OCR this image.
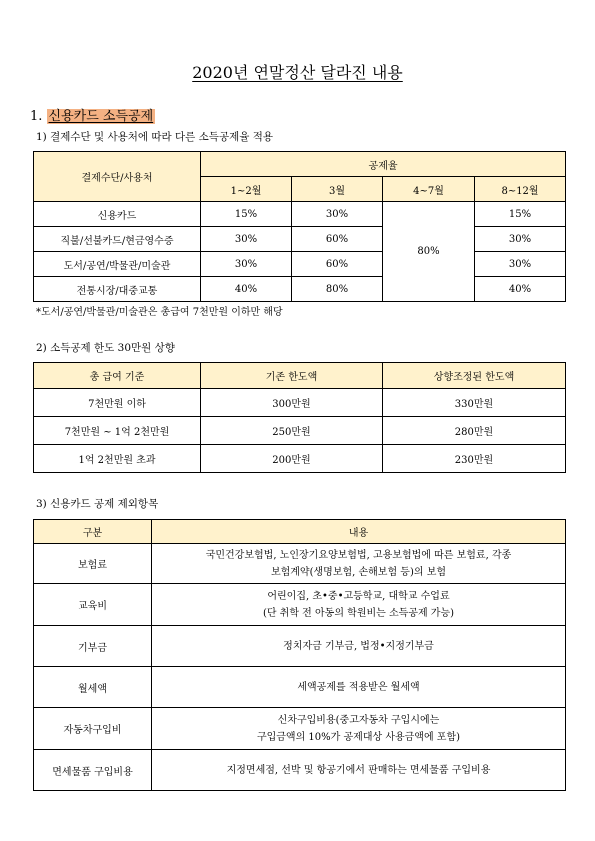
2020년 연말정산 달라진 내용
1. 신용카드 소득공제
1) 결제수단 및 사용처에 따라 다른 소득공제율 적용
결제수단/사용처	공제율			
	1~2월	3월	4~7월	8~12월
신용카드	15%	30%	80%	15%
직불/선불카드/현금영수증	30%	60%		30%
도서/공연/박물관/미술관	30%	60%		30%
전통시장/대중교통	40%	80%		40%
*도서/공연/박물관/미술관은 총급여 7천만원 이하만 해당
2) 소득공제 한도 30만원 상향
총 급여 기준	기존 한도액	상향조정된 한도액
7천만원 이하	300만원	330만원
7천만원 ~ 1억 2천만원	250만원	280만원
1억 2천만원 초과	200만원	230만원
3) 신용카드 공제 제외항목
구분	내용
보험료	국민건강보험법, 노인장기요양보험법, 고용보험법에 따른 보험료, 각종
보험계약(생명보험, 손해보험 등)의 보험

교육비	어린이집, 초•중•고등학교, 대학교 수업료
(단 취학 전 아동의 학원비는 소득공제 가능)

기부금	정치자금 기부금, 법정•지정기부금
월세액	세액공제를 적용받은 월세액
자동차구입비	신차구입비용(중고자동차 구입시에는
구입금액의 10%가 공제대상 사용금액에 포함)

면세물품 구입비용	지정면세점, 선박 및 항공기에서 판매하는 면세물품 구입비용
